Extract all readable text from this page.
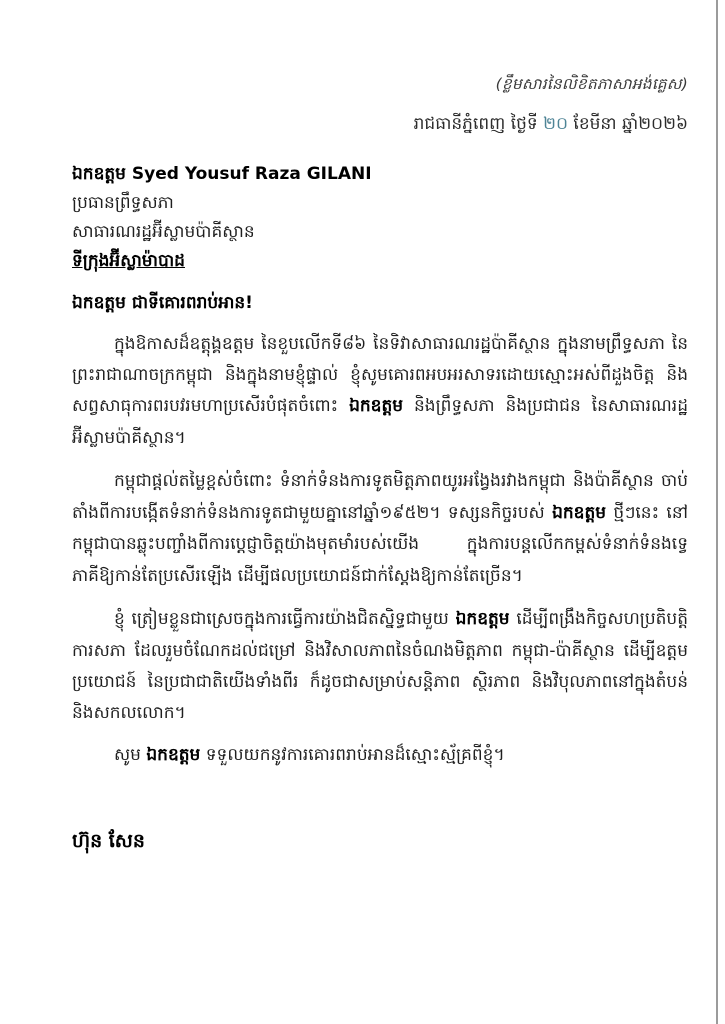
(ខ្លឹមសារនៃលិខិតភាសាអង់គ្លេស)
រាជធានីភ្នំពេញ ថ្ងៃទី ២០ ខែមីនា ឆ្នាំ២០២៦
ឯកឧត្តម Syed Yousuf Raza GILANI
ប្រធានព្រឹទ្ធសភា
សាធារណរដ្ឋអ៊ីស្លាមប៉ាគីស្ថាន
ទីក្រុងអ៊ីស្លាម៉ាបាដ
ឯកឧត្តម ជាទីគោរពរាប់អាន!

ក្នុងឱកាសដ៏ឧត្តុង្គឧត្តម នៃខួបលើកទី៨៦ នៃទិវាសាធារណរដ្ឋប៉ាគីស្ថាន ក្នុងនាមព្រឹទ្ធសភា នៃព្រះរាជាណាចក្រកម្ពុជា និងក្នុងនាមខ្ញុំផ្ទាល់ ខ្ញុំសូមគោរពអបអរសាទរដោយស្មោះអស់ពីដួងចិត្ត និងសព្វសាធុការពរបវរមហាប្រសើរបំផុតចំពោះ ឯកឧត្តម និងព្រឹទ្ធសភា និងប្រជាជន នៃសាធារណរដ្ឋអ៊ីស្លាមប៉ាគីស្ថាន។

កម្ពុជាផ្តល់តម្លៃខ្ពស់ចំពោះ ទំនាក់ទំនងការទូតមិត្តភាពយូរអង្វែងរវាងកម្ពុជា និងប៉ាគីស្ថាន ចាប់តាំងពីការបង្កើតទំនាក់ទំនងការទូតជាមួយគ្នានៅឆ្នាំ១៩៥២។ ទស្សនកិច្ចរបស់ ឯកឧត្តម ថ្មីៗនេះ នៅកម្ពុជាបានឆ្លុះបញ្ចាំងពីការប្តេជ្ញាចិត្តយ៉ាងមុតមាំរបស់យើង ក្នុងការបន្តលើកកម្ពស់ទំនាក់ទំនងទ្វេភាគីឱ្យកាន់តែប្រសើរឡើង ដើម្បីផលប្រយោជន៍ជាក់ស្តែងឱ្យកាន់តែច្រើន។

ខ្ញុំ ត្រៀមខ្លួនជាស្រេចក្នុងការធ្វើការយ៉ាងជិតស្និទ្ធជាមួយ ឯកឧត្តម ដើម្បីពង្រឹងកិច្ចសហប្រតិបត្តិការសភា ដែលរួមចំណែកដល់ជម្រៅ និងវិសាលភាពនៃចំណងមិត្តភាព កម្ពុជា-ប៉ាគីស្ថាន ដើម្បីឧត្តមប្រយោជន៍ នៃប្រជាជាតិយើងទាំងពីរ ក៏ដូចជាសម្រាប់សន្តិភាព ស្ថិរភាព និងវិបុលភាពនៅក្នុងតំបន់ និងសកលលោក។

សូម ឯកឧត្តម ទទួលយកនូវការគោរពរាប់អានដ៏ស្មោះស្ម័គ្រពីខ្ញុំ។

ហ៊ុន សែន
